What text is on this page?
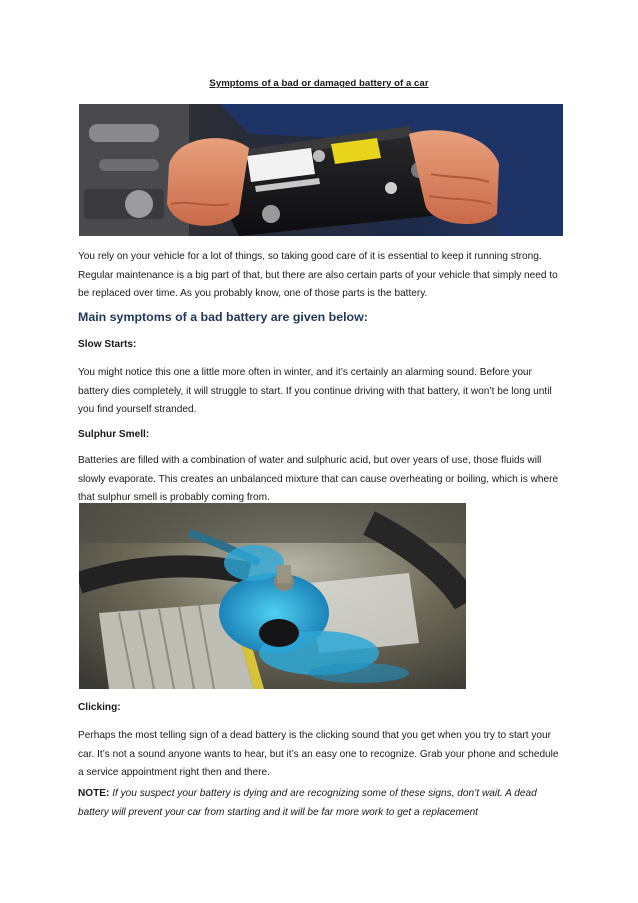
Symptoms of a bad or damaged battery of a car

You rely on your vehicle for a lot of things, so taking good care of it is essential to keep it running strong. Regular maintenance is a big part of that, but there are also certain parts of your vehicle that simply need to be replaced over time. As you probably know, one of those parts is the battery.

Main symptoms of a bad battery are given below:

Slow Starts:

You might notice this one a little more often in winter, and it’s certainly an alarming sound. Before your battery dies completely, it will struggle to start. If you continue driving with that battery, it won’t be long until you find yourself stranded.

Sulphur Smell:

Batteries are filled with a combination of water and sulphuric acid, but over years of use, those fluids will slowly evaporate. This creates an unbalanced mixture that can cause overheating or boiling, which is where that sulphur smell is probably coming from.

Clicking:

Perhaps the most telling sign of a dead battery is the clicking sound that you get when you try to start your car. It’s not a sound anyone wants to hear, but it’s an easy one to recognize. Grab your phone and schedule a service appointment right then and there.

NOTE: If you suspect your battery is dying and are recognizing some of these signs, don’t wait. A dead battery will prevent your car from starting and it will be far more work to get a replacement
